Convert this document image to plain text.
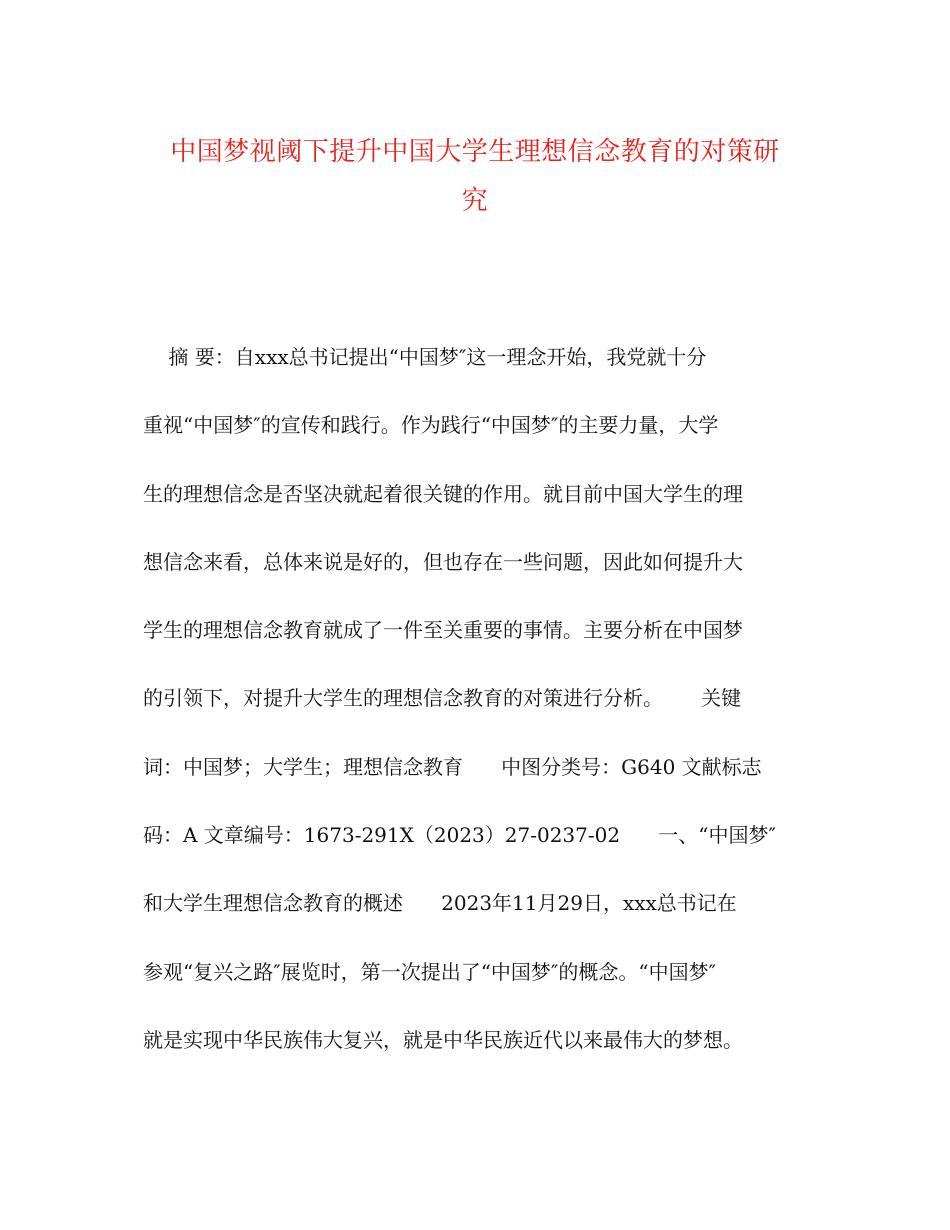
中国梦视阈下提升中国大学生理想信念教育的对策研
究
摘 要：自xxx总书记提出“中国梦″这一理念开始，我党就十分
重视“中国梦″的宣传和践行。作为践行“中国梦″的主要力量，大学
生的理想信念是否坚决就起着很关键的作用。就目前中国大学生的理
想信念来看，总体来说是好的，但也存在一些问题，因此如何提升大
学生的理想信念教育就成了一件至关重要的事情。主要分析在中国梦
的引领下，对提升大学生的理想信念教育的对策进行分析。      关键
词：中国梦；大学生；理想信念教育      中图分类号：G640 文献标志
码：A 文章编号：1673-291X（2023）27-0237-02      一、“中国梦″
和大学生理想信念教育的概述      2023年11月29日，xxx总书记在
参观“复兴之路″展览时，第一次提出了“中国梦″的概念。“中国梦″
就是实现中华民族伟大复兴，就是中华民族近代以来最伟大的梦想。
